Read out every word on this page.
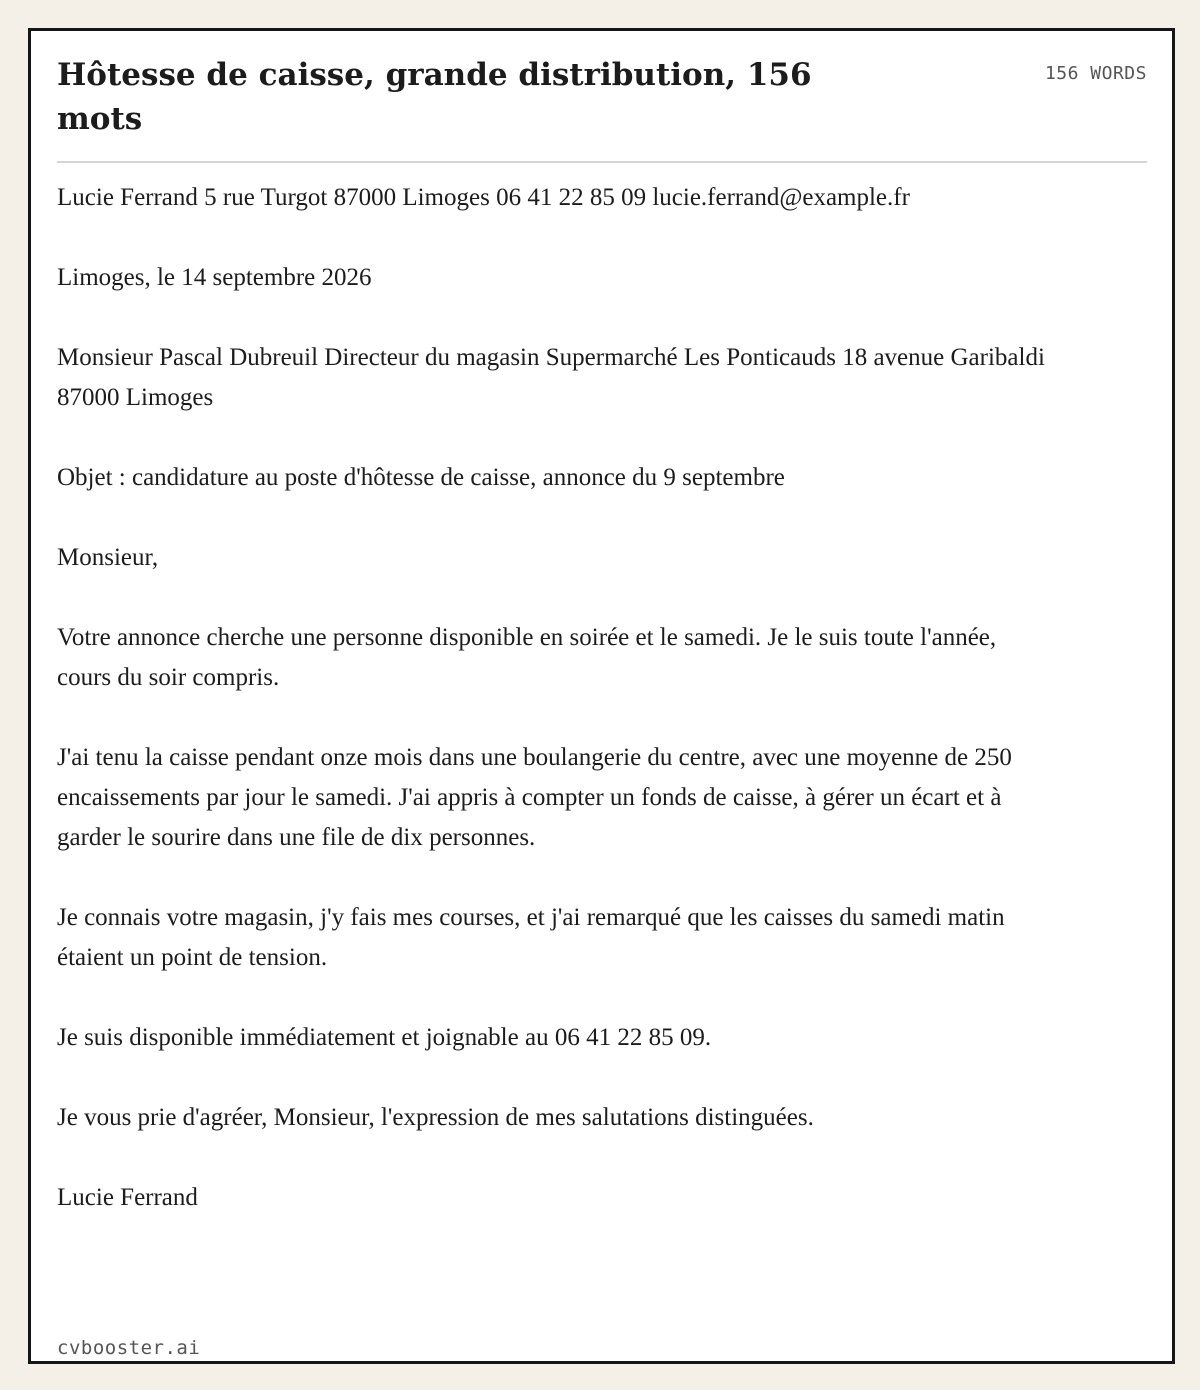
Hôtesse de caisse, grande distribution, 156 mots
156 WORDS

Lucie Ferrand 5 rue Turgot 87000 Limoges 06 41 22 85 09 lucie.ferrand@example.fr

Limoges, le 14 septembre 2026

Monsieur Pascal Dubreuil Directeur du magasin Supermarché Les Ponticauds 18 avenue Garibaldi 87000 Limoges

Objet : candidature au poste d'hôtesse de caisse, annonce du 9 septembre

Monsieur,

Votre annonce cherche une personne disponible en soirée et le samedi. Je le suis toute l'année, cours du soir compris.

J'ai tenu la caisse pendant onze mois dans une boulangerie du centre, avec une moyenne de 250 encaissements par jour le samedi. J'ai appris à compter un fonds de caisse, à gérer un écart et à garder le sourire dans une file de dix personnes.

Je connais votre magasin, j'y fais mes courses, et j'ai remarqué que les caisses du samedi matin étaient un point de tension.

Je suis disponible immédiatement et joignable au 06 41 22 85 09.

Je vous prie d'agréer, Monsieur, l'expression de mes salutations distinguées.

Lucie Ferrand

cvbooster.ai
